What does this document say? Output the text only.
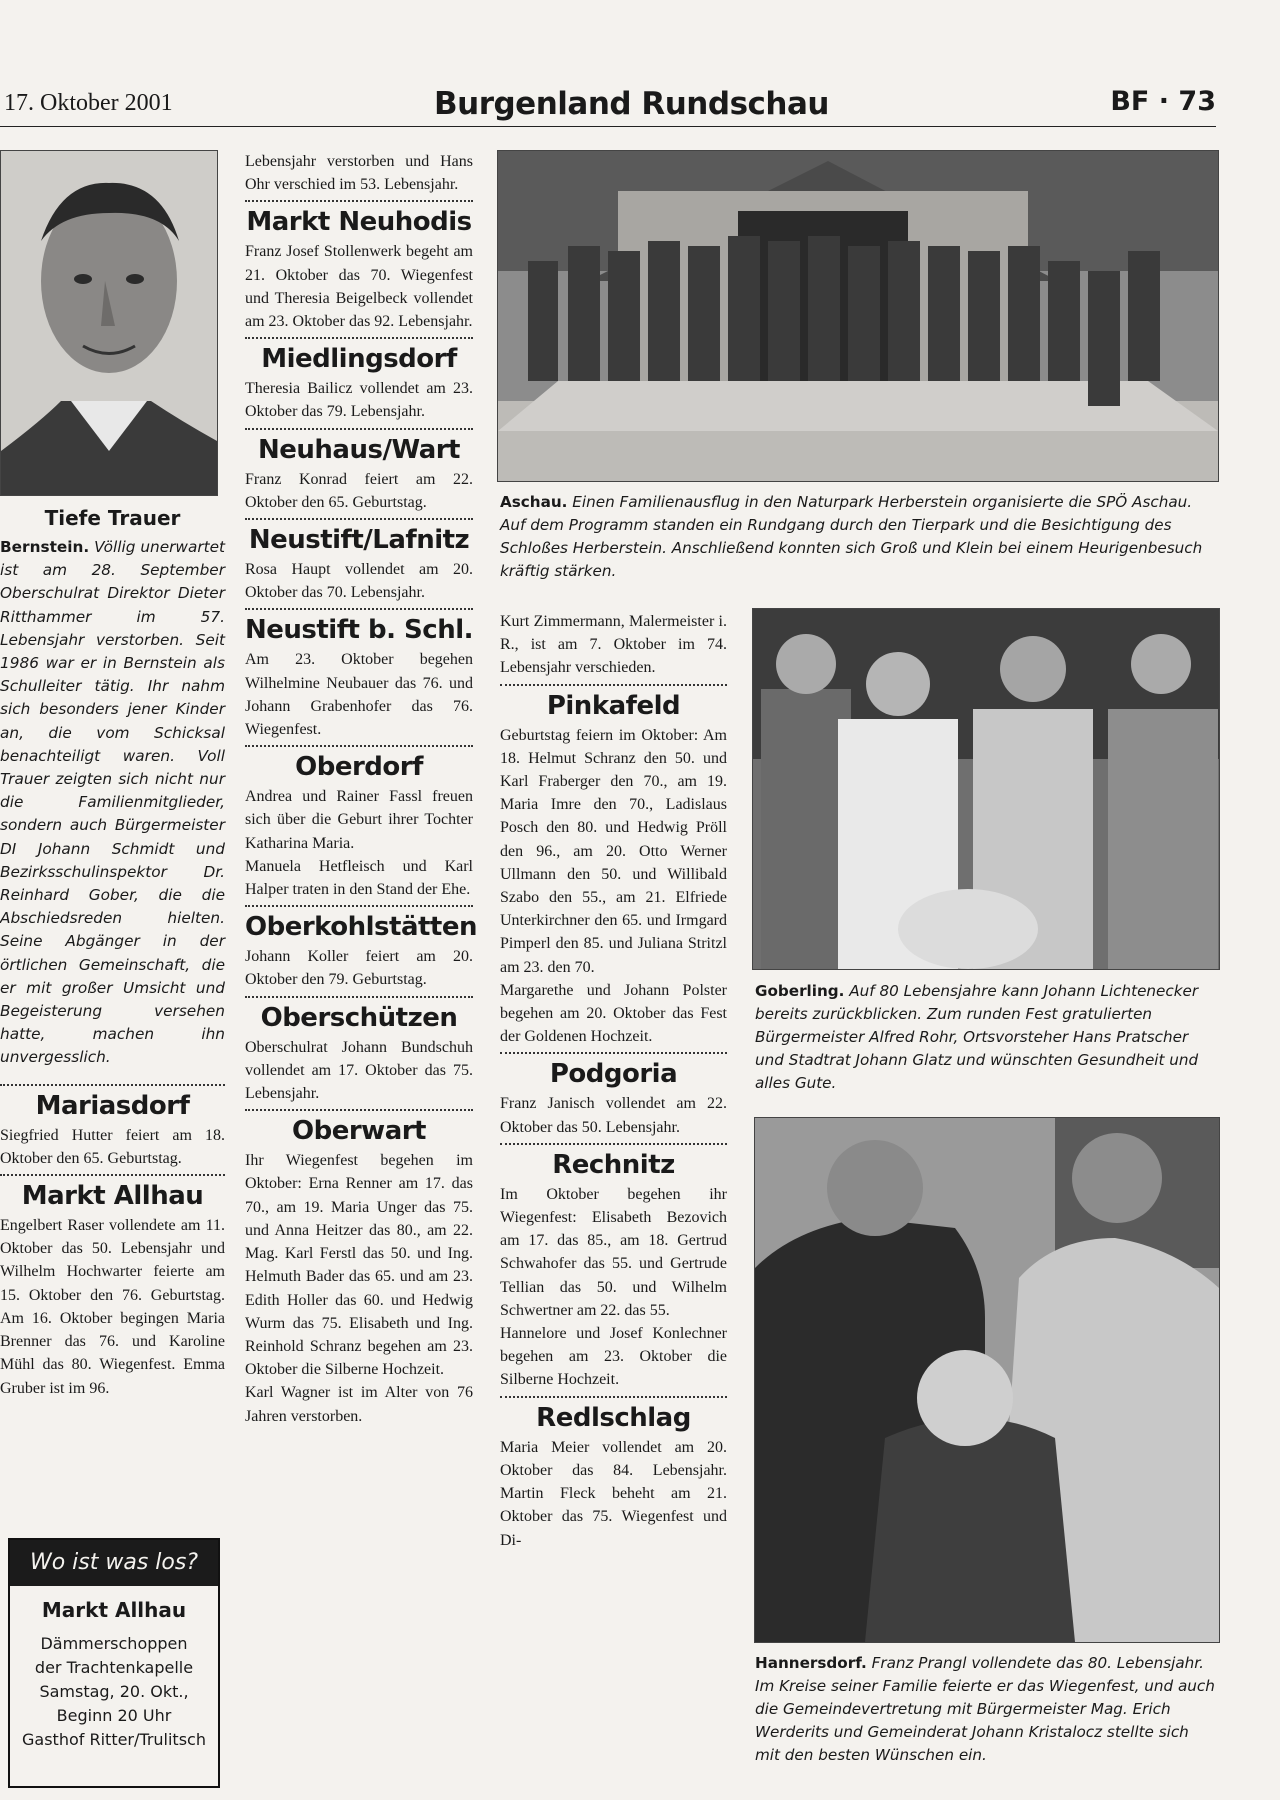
17. Oktober 2001	Burgenland Rundschau	BF · 73
Tiefe Trauer
Bernstein. Völlig unerwartet ist am 28. September Oberschulrat Direktor Dieter Ritthammer im 57. Lebensjahr verstorben. Seit 1986 war er in Bernstein als Schulleiter tätig. Ihr nahm sich besonders jener Kinder an, die vom Schicksal benachteiligt waren. Voll Trauer zeigten sich nicht nur die Familienmitglieder, sondern auch Bürgermeister DI Johann Schmidt und Bezirksschulinspektor Dr. Reinhard Gober, die die Abschiedsreden hielten. Seine Abgänger in der örtlichen Gemeinschaft, die er mit großer Umsicht und Begeisterung versehen hatte, machen ihn unvergesslich.
Mariasdorf
Siegfried Hutter feiert am 18. Oktober den 65. Geburtstag.
Markt Allhau
Engelbert Raser vollendete am 11. Oktober das 50. Lebensjahr und Wilhelm Hochwarter feierte am 15. Oktober den 76. Geburtstag. Am 16. Oktober begingen Maria Brenner das 76. und Karoline Mühl das 80. Wiegenfest. Emma Gruber ist im 96.
Wo ist was los?
Markt Allhau
Dämmerschoppen
der Trachtenkapelle
Samstag, 20. Okt.,
Beginn 20 Uhr
Gasthof Ritter/Trulitsch
Lebensjahr verstorben und Hans Ohr verschied im 53. Lebensjahr.
Markt Neuhodis
Franz Josef Stollenwerk begeht am 21. Oktober das 70. Wiegenfest und Theresia Beigelbeck vollendet am 23. Oktober das 92. Lebensjahr.
Miedlingsdorf
Theresia Bailicz vollendet am 23. Oktober das 79. Lebensjahr.
Neuhaus/Wart
Franz Konrad feiert am 22. Oktober den 65. Geburtstag.
Neustift/Lafnitz
Rosa Haupt vollendet am 20. Oktober das 70. Lebensjahr.
Neustift b. Schl.
Am 23. Oktober begehen Wilhelmine Neubauer das 76. und Johann Grabenhofer das 76. Wiegenfest.
Oberdorf

Andrea und Rainer Fassl freuen sich über die Geburt ihrer Tochter Katharina Maria.

Manuela Hetfleisch und Karl Halper traten in den Stand der Ehe.

Oberkohlstätten
Johann Koller feiert am 20. Oktober den 79. Geburtstag.
Oberschützen
Oberschulrat Johann Bundschuh vollendet am 17. Oktober das 75. Lebensjahr.
Oberwart

Ihr Wiegenfest begehen im Oktober: Erna Renner am 17. das 70., am 19. Maria Unger das 75. und Anna Heitzer das 80., am 22. Mag. Karl Ferstl das 50. und Ing. Helmuth Bader das 65. und am 23. Edith Holler das 60. und Hedwig Wurm das 75. Elisabeth und Ing. Reinhold Schranz begehen am 23. Oktober die Silberne Hochzeit.

Karl Wagner ist im Alter von 76 Jahren verstorben.

Aschau. Einen Familienausflug in den Naturpark Herberstein organisierte die SPÖ Aschau. Auf dem Programm standen ein Rundgang durch den Tierpark und die Besichtigung des Schloßes Herberstein. Anschließend konnten sich Groß und Klein bei einem Heurigenbesuch kräftig stärken.
Kurt Zimmermann, Malermeister i. R., ist am 7. Oktober im 74. Lebensjahr verschieden.
Pinkafeld

Geburtstag feiern im Oktober: Am 18. Helmut Schranz den 50. und Karl Fraberger den 70., am 19. Maria Imre den 70., Ladislaus Posch den 80. und Hedwig Pröll den 96., am 20. Otto Werner Ullmann den 50. und Willibald Szabo den 55., am 21. Elfriede Unterkirchner den 65. und Irmgard Pimperl den 85. und Juliana Stritzl am 23. den 70.

Margarethe und Johann Polster begehen am 20. Oktober das Fest der Goldenen Hochzeit.

Podgoria
Franz Janisch vollendet am 22. Oktober das 50. Lebensjahr.
Rechnitz

Im Oktober begehen ihr Wiegenfest: Elisabeth Bezovich am 17. das 85., am 18. Gertrud Schwahofer das 55. und Gertrude Tellian das 50. und Wilhelm Schwertner am 22. das 55.

Hannelore und Josef Konlechner begehen am 23. Oktober die Silberne Hochzeit.

Redlschlag
Maria Meier vollendet am 20. Oktober das 84. Lebensjahr. Martin Fleck beheht am 21. Oktober das 75. Wiegenfest und Di-
Goberling. Auf 80 Lebensjahre kann Johann Lichtenecker bereits zurückblicken. Zum runden Fest gratulierten Bürgermeister Alfred Rohr, Ortsvorsteher Hans Pratscher und Stadtrat Johann Glatz und wünschten Gesundheit und alles Gute.
Hannersdorf. Franz Prangl vollendete das 80. Lebensjahr. Im Kreise seiner Familie feierte er das Wiegenfest, und auch die Gemeindevertretung mit Bürgermeister Mag. Erich Werderits und Gemeinderat Johann Kristalocz stellte sich mit den besten Wünschen ein.
